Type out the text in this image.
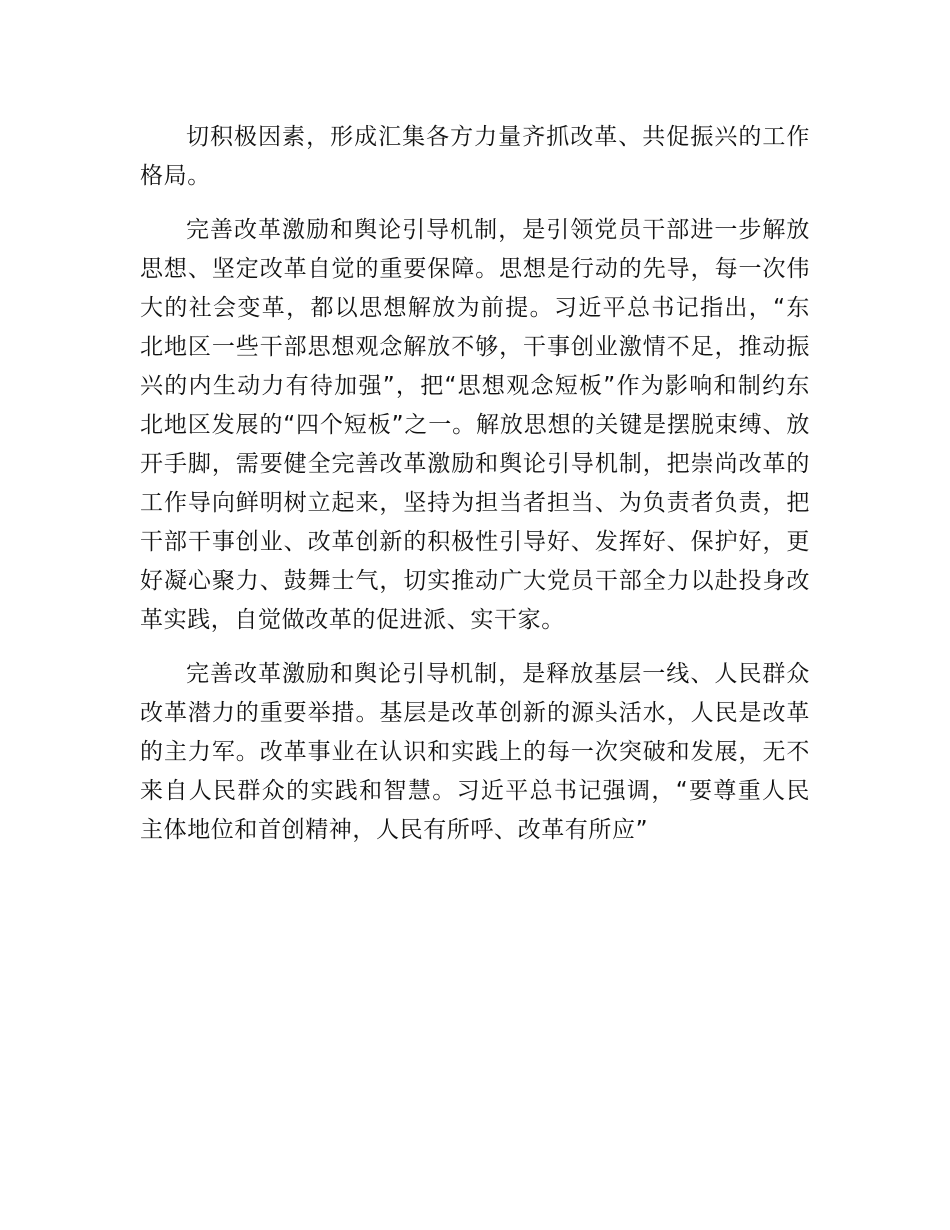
切积极因素，形成汇集各方力量齐抓改革、共促振兴的工作格局。

完善改革激励和舆论引导机制，是引领党员干部进一步解放思想、坚定改革自觉的重要保障。思想是行动的先导，每一次伟大的社会变革，都以思想解放为前提。习近平总书记指出，“东北地区一些干部思想观念解放不够，干事创业激情不足，推动振兴的内生动力有待加强”，把“思想观念短板”作为影响和制约东北地区发展的“四个短板”之一。解放思想的关键是摆脱束缚、放开手脚，需要健全完善改革激励和舆论引导机制，把崇尚改革的工作导向鲜明树立起来，坚持为担当者担当、为负责者负责，把干部干事创业、改革创新的积极性引导好、发挥好、保护好，更好凝心聚力、鼓舞士气，切实推动广大党员干部全力以赴投身改革实践，自觉做改革的促进派、实干家。

完善改革激励和舆论引导机制，是释放基层一线、人民群众改革潜力的重要举措。基层是改革创新的源头活水，人民是改革的主力军。改革事业在认识和实践上的每一次突破和发展，无不来自人民群众的实践和智慧。习近平总书记强调，“要尊重人民主体地位和首创精神，人民有所呼、改革有所应”
